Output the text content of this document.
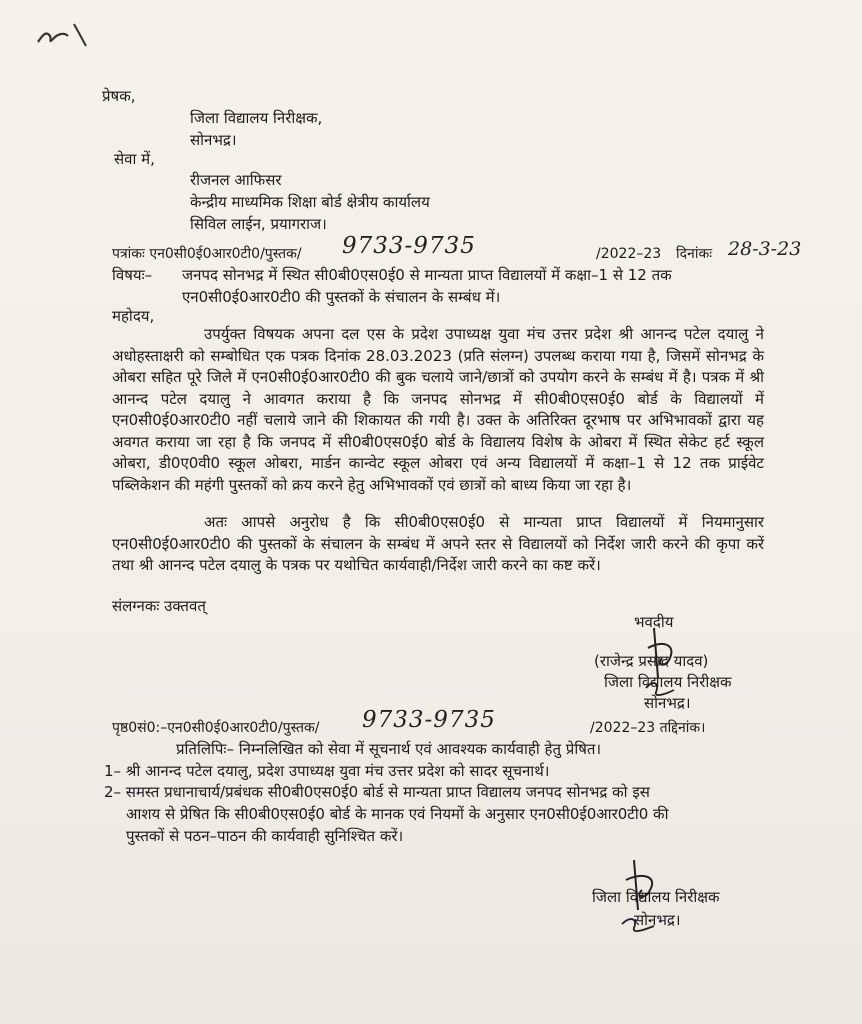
प्रेषक,
जिला विद्यालय निरीक्षक,
सोनभद्र।
सेवा में,
रीजनल आफिसर
केन्द्रीय माध्यमिक शिक्षा बोर्ड क्षेत्रीय कार्यालय
सिविल लाईन, प्रयागराज।
पत्रांकः एन0सी0ई0आर0टी0/पुस्तक/ 9733-9735	/2022–23 दिनांकः 28-3-23
विषयः– जनपद सोनभद्र में स्थित सी0बी0एस0ई0 से मान्यता प्राप्त विद्यालयों में कक्षा–1 से 12 तक
एन0सी0ई0आर0टी0 की पुस्तकों के संचालन के सम्बंध में।
महोदय,
उपर्युक्त विषयक अपना दल एस के प्रदेश उपाध्यक्ष युवा मंच उत्तर प्रदेश श्री आनन्द पटेल दयालु ने अधोहस्ताक्षरी को सम्बोधित एक पत्रक दिनांक 28.03.2023 (प्रति संलग्न) उपलब्ध कराया गया है, जिसमें सोनभद्र के ओबरा सहित पूरे जिले में एन0सी0ई0आर0टी0 की बुक चलाये जाने/छात्रों को उपयोग करने के सम्बंध में है। पत्रक में श्री आनन्द पटेल दयालु ने आवगत कराया है कि जनपद सोनभद्र में सी0बी0एस0ई0 बोर्ड के विद्यालयों में एन0सी0ई0आर0टी0 नहीं चलाये जाने की शिकायत की गयी है। उक्त के अतिरिक्त दूरभाष पर अभिभावकों द्वारा यह अवगत कराया जा रहा है कि जनपद में सी0बी0एस0ई0 बोर्ड के विद्यालय विशेष के ओबरा में स्थित सेकेट हर्ट स्कूल ओबरा, डी0ए0वी0 स्कूल ओबरा, मार्डन कान्वेट स्कूल ओबरा एवं अन्य विद्यालयों में कक्षा–1 से 12 तक प्राईवेट पब्लिकेशन की महंगी पुस्तकों को क्रय करने हेतु अभिभावकों एवं छात्रों को बाध्य किया जा रहा है।
अतः आपसे अनुरोध है कि सी0बी0एस0ई0 से मान्यता प्राप्त विद्यालयों में नियमानुसार एन0सी0ई0आर0टी0 की पुस्तकों के संचालन के सम्बंध में अपने स्तर से विद्यालयों को निर्देश जारी करने की कृपा करें तथा श्री आनन्द पटेल दयालु के पत्रक पर यथोचित कार्यवाही/निर्देश जारी करने का कष्ट करें।
संलग्नकः उक्तवत्
भवदीय
(राजेन्द्र प्रसाद यादव)
जिला विद्यालय निरीक्षक
सोनभद्र।
पृष्ठ0सं0:–एन0सी0ई0आर0टी0/पुस्तक/ 9733-9735	/2022–23 तद्दिनांक।
प्रतिलिपिः– निम्नलिखित को सेवा में सूचनार्थ एवं आवश्यक कार्यवाही हेतु प्रेषित।
1– श्री आनन्द पटेल दयालु, प्रदेश उपाध्यक्ष युवा मंच उत्तर प्रदेश को सादर सूचनार्थ।
2– समस्त प्रधानाचार्य/प्रबंधक सी0बी0एस0ई0 बोर्ड से मान्यता प्राप्त विद्यालय जनपद सोनभद्र को इस
आशय से प्रेषित कि सी0बी0एस0ई0 बोर्ड के मानक एवं नियमों के अनुसार एन0सी0ई0आर0टी0 की
पुस्तकों से पठन–पाठन की कार्यवाही सुनिश्चित करें।
जिला विद्यालय निरीक्षक
सोनभद्र।
